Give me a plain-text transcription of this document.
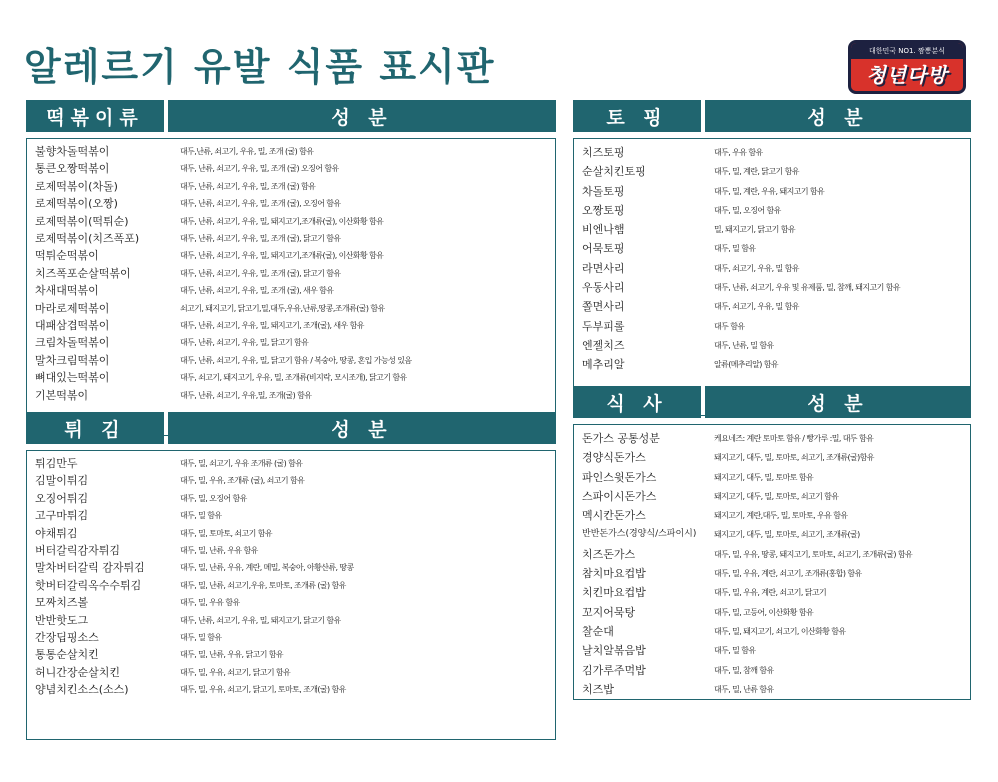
알레르기 유발 식품 표시판	대한민국 NO1. 짬뽕분식
청년다방
떡볶이류	성 분
불향차돌떡볶이	대두,난류, 쇠고기, 우유, 밀, 조개 (굴) 함유
통큰오짱떡볶이	대두, 난류, 쇠고기, 우유, 밀, 조개 (굴) 오징어 함유
로제떡볶이(차돌)	대두, 난류, 쇠고기, 우유, 밀, 조개 (굴) 함유
로제떡볶이(오짱)	대두, 난류, 쇠고기, 우유, 밀, 조개 (굴), 오징어 함유
로제떡볶이(떡튀순)	대두, 난류, 쇠고기, 우유, 밀, 돼지고기,조개류(굴), 이산화황 함유
로제떡볶이(치즈폭포)	대두, 난류, 쇠고기, 우유, 밀, 조개 (굴), 닭고기 함유
떡튀순떡볶이	대두, 난류, 쇠고기, 우유, 밀, 돼지고기,조개류(굴), 이산화황 함유
치즈폭포순살떡볶이	대두, 난류, 쇠고기, 우유, 밀, 조개 (굴), 닭고기 함유
차새대떡볶이	대두, 난류, 쇠고기, 우유, 밀, 조개 (굴), 새우 함유
마라로제떡볶이	쇠고기, 돼지고기, 닭고기,밀,대두,우유,난류,땅콩,조개류(굴) 함유
대패삼겹떡볶이	대두, 난류, 쇠고기, 우유, 밀, 돼지고기, 조개(굴), 새우 함유
크림차돌떡볶이	대두, 난류, 쇠고기, 우유, 밀, 닭고기 함유
말차크림떡볶이	대두, 난류, 쇠고기, 우유, 밀, 닭고기 함유 / 복숭아, 땅콩, 혼입 가능성 있음
뼈대있는떡볶이	대두, 쇠고기, 돼지고기, 우유, 밀, 조개류(비지락, 모시조개), 닭고기 함유
기본떡볶이	대두, 난류, 쇠고기, 우유,밀, 조개(굴) 함유
튀 김	성 분
튀김만두	대두, 밀, 쇠고기, 우유 조개류 (굴) 함유
김말이튀김	대두, 밀, 우유, 조개류 (굴), 쇠고기 함유
오징어튀김	대두, 밀, 오징어 함유
고구마튀김	대두, 밀 함유
야채튀김	대두, 밀, 토마토, 쇠고기 함유
버터갈릭감자튀김	대두, 밀, 난류, 우유 함유
말차버터갈릭 감자튀김	대두, 밀, 난류, 우유, 계란, 메밀, 복숭아, 아황산류, 땅콩
핫버터갈릭옥수수튀김	대두, 밀, 난류, 쇠고기,우유, 토마토, 조개류 (굴) 함유
모짜치즈볼	대두, 밀, 우유 함유
반반핫도그	대두, 난류, 쇠고기, 우유, 밀, 돼지고기, 닭고기 함유
간장딥핑소스	대두, 밀 함유
통통순살치킨	대두, 밀, 난류, 우유, 닭고기 함유
허니간장순살치킨	대두, 밀, 우유, 쇠고기, 닭고기 함유
양념치킨소스(소스)	대두, 밀, 우유, 쇠고기, 닭고기, 토마토, 조개(굴) 함유
토 핑	성 분
치즈토핑	대두, 우유 함유
순살치킨토핑	대두, 밀, 계란, 닭고기 함유
차돌토핑	대두, 밀, 계란, 우유, 돼지고기 함유
오짱토핑	대두, 밀, 오징어 함유
비엔나햄	밀, 돼지고기, 닭고기 함유
어묵토핑	대두, 밀 함유
라면사리	대두, 쇠고기, 우유, 밀 함유
우동사리	대두, 난류, 쇠고기, 우유 및 유제품, 밀, 참깨, 돼지고기 함유
쫄면사리	대두, 쇠고기, 우유, 밀 함유
두부피롤	대두 함유
엔젤치즈	대두, 난류, 밀 함유
메추리알	알류(메추리알) 함유
식 사	성 분
돈가스 공통성분	케요네즈: 계란 토마토 함유 / 빵가루 :밀, 대두 함유
경양식돈가스	돼지고기, 대두, 밀, 토마토, 쇠고기, 조개류(굴)함유
파인스윗돈가스	돼지고기, 대두, 밀, 토마토 함유
스파이시돈가스	돼지고기, 대두, 밀, 토마토, 쇠고기 함유
멕시칸돈가스	돼지고기, 계란,대두, 밀, 토마토, 우유 함유
반반돈가스(경양식/스파이시)	돼지고기, 대두, 밀, 토마토, 쇠고기, 조개류(굴)
치즈돈가스	대두, 밀, 우유, 땅콩, 돼지고기, 토마토, 쇠고기, 조개류(굴) 함유
참치마요컵밥	대두, 밀, 우유, 계란, 쇠고기, 조개류(홍합) 함유
치킨마요컵밥	대두, 밀, 우유, 계란, 쇠고기, 닭고기
꼬지어묵탕	대두, 밀, 고등어, 이산화황 함유
찰순대	대두, 밀, 돼지고기, 쇠고기, 이산화황 함유
날치알볶음밥	대두, 밀 함유
김가루주먹밥	대두, 밀, 참깨 함유
치즈밥	대두, 밀, 난류 함유
